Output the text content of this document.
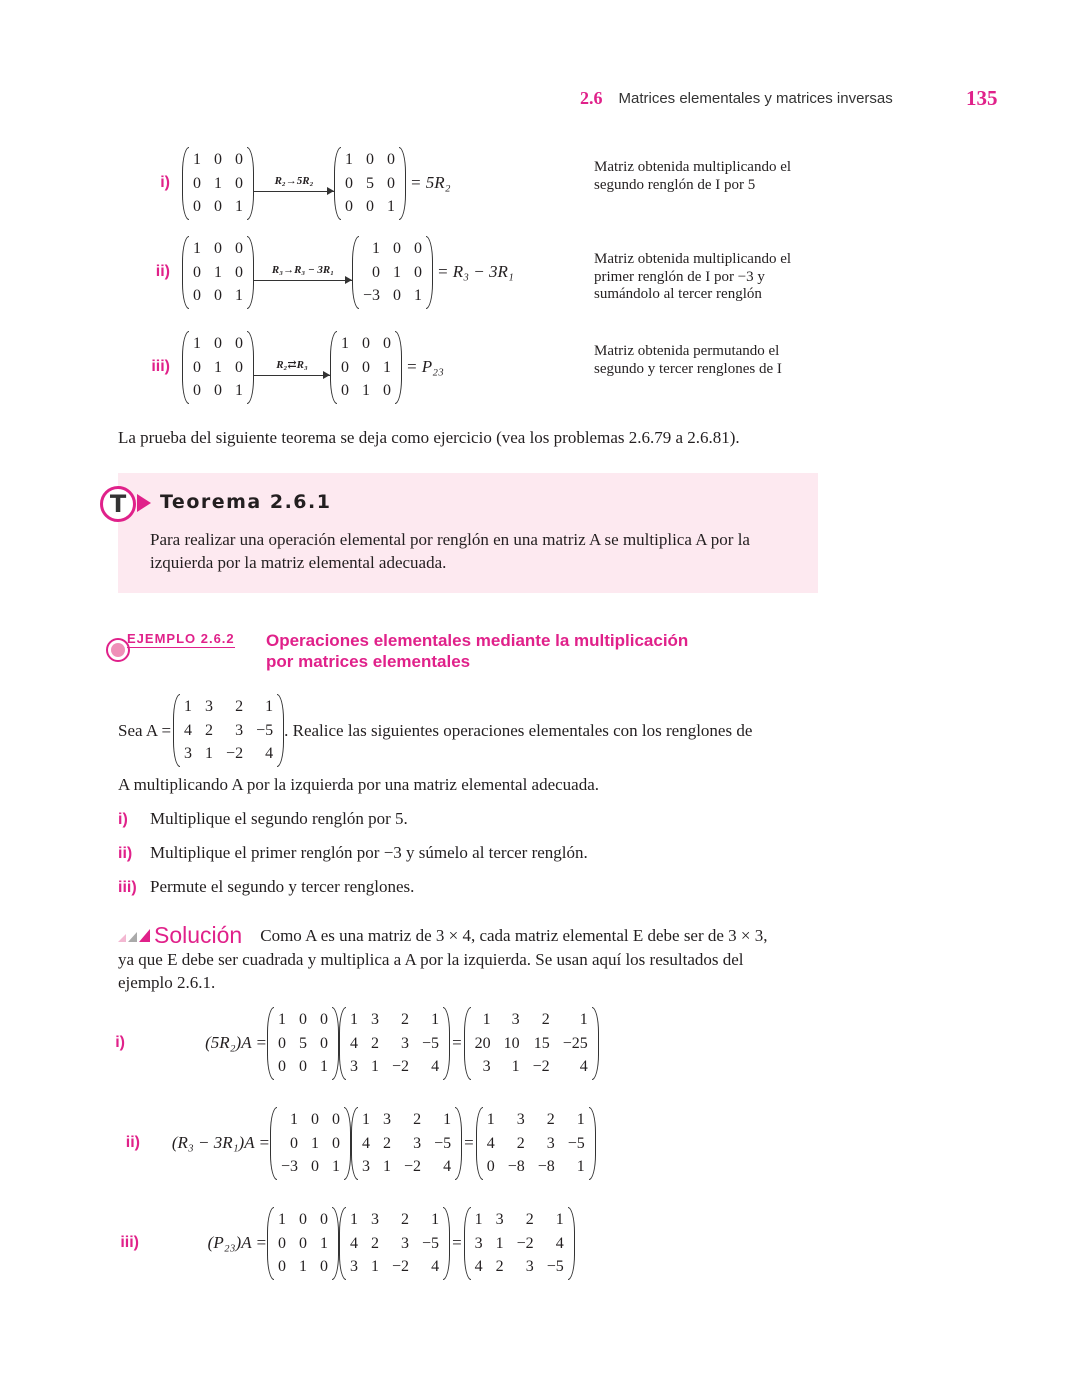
2.6 Matrices elementales y matrices inversas	135
i)
1 0 0
0 1 0
0 0 1
R₂→5R₂
1 0 0
0 5 0
0 0 1
= 5R₂
Matriz obtenida multiplicando el segundo renglón de I por 5
ii)
1 0 0
0 1 0
0 0 1
R₃→R₃ − 3R₁
1 0 0
0 1 0
−3 0 1
= R₃ − 3R₁
Matriz obtenida multiplicando el primer renglón de I por −3 y sumándolo al tercer renglón
iii)
1 0 0
0 1 0
0 0 1
R₂⇄R₃
1 0 0
0 0 1
0 1 0
= P₂₃
Matriz obtenida permutando el segundo y tercer renglones de I
La prueba del siguiente teorema se deja como ejercicio (vea los problemas 2.6.79 a 2.6.81).
T	Teorema 2.6.1
Para realizar una operación elemental por renglón en una matriz A se multiplica A por la izquierda por la matriz elemental adecuada.
EJEMPLO 2.6.2 Operaciones elementales mediante la multiplicación
por matrices elementales
Sea A =
1 3	2	1
4 2	3 −5
3 1 −2	4
. Realice las siguientes operaciones elementales con los renglones de
A multiplicando A por la izquierda por una matriz elemental adecuada.
i) Multiplique el segundo renglón por 5.
ii) Multiplique el primer renglón por −3 y súmelo al tercer renglón.
iii) Permute el segundo y tercer renglones.
Solución Como A es una matriz de 3 × 4, cada matriz elemental E debe ser de 3 × 3,
ya que E debe ser cuadrada y multiplica a A por la izquierda. Se usan aquí los resultados del
ejemplo 2.6.1.
i)	(5R₂)A =
1 0 0
0 5 0
0 0 1
1 3	2	1
4 2	3 −5
3 1 −2	4
=
1	3	2	1
20 10 15 −25
3	1 −2	4
ii)	(R₃ − 3R₁)A =
1 0 0
0 1 0
−3 0 1
1 3	2	1
4 2	3 −5
3 1 −2	4
=
1	3	2	1
4	2	3 −5
0 −8 −8	1
iii)	(P₂₃)A =
1 0 0
0 0 1
0 1 0
1 3	2	1
4 2	3 −5
3 1 −2	4
=
1 3	2	1
3 1 −2	4
4 2	3 −5
